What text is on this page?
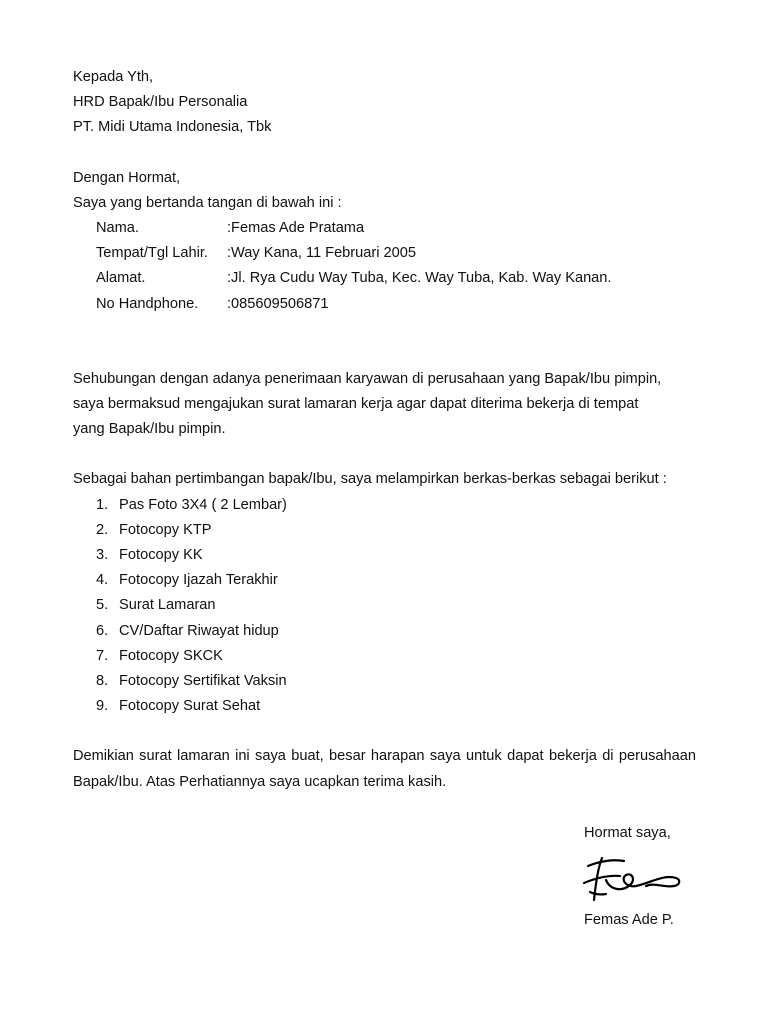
Kepada Yth,
HRD Bapak/Ibu Personalia
PT. Midi Utama Indonesia, Tbk
Dengan Hormat,
Saya yang bertanda tangan di bawah ini :
Nama.	:Femas Ade Pratama
Tempat/Tgl Lahir.	:Way Kana, 11 Februari 2005
Alamat.	:Jl. Rya Cudu Way Tuba, Kec. Way Tuba, Kab. Way Kanan.
No Handphone.	:085609506871
Sehubungan dengan adanya penerimaan karyawan di perusahaan yang Bapak/Ibu pimpin,
saya bermaksud mengajukan surat lamaran kerja agar dapat diterima bekerja di tempat
yang Bapak/Ibu pimpin.
Sebagai bahan pertimbangan bapak/Ibu, saya melampirkan berkas-berkas sebagai berikut :
1. Pas Foto 3X4 ( 2 Lembar)
2. Fotocopy KTP
3. Fotocopy KK
4. Fotocopy Ijazah Terakhir
5. Surat Lamaran
6. CV/Daftar Riwayat hidup
7. Fotocopy SKCK
8. Fotocopy Sertifikat Vaksin
9. Fotocopy Surat Sehat

Demikian surat lamaran ini saya buat, besar harapan saya untuk dapat bekerja di perusahaan Bapak/Ibu. Atas Perhatiannya saya ucapkan terima kasih.

Hormat saya,
Femas Ade P.
